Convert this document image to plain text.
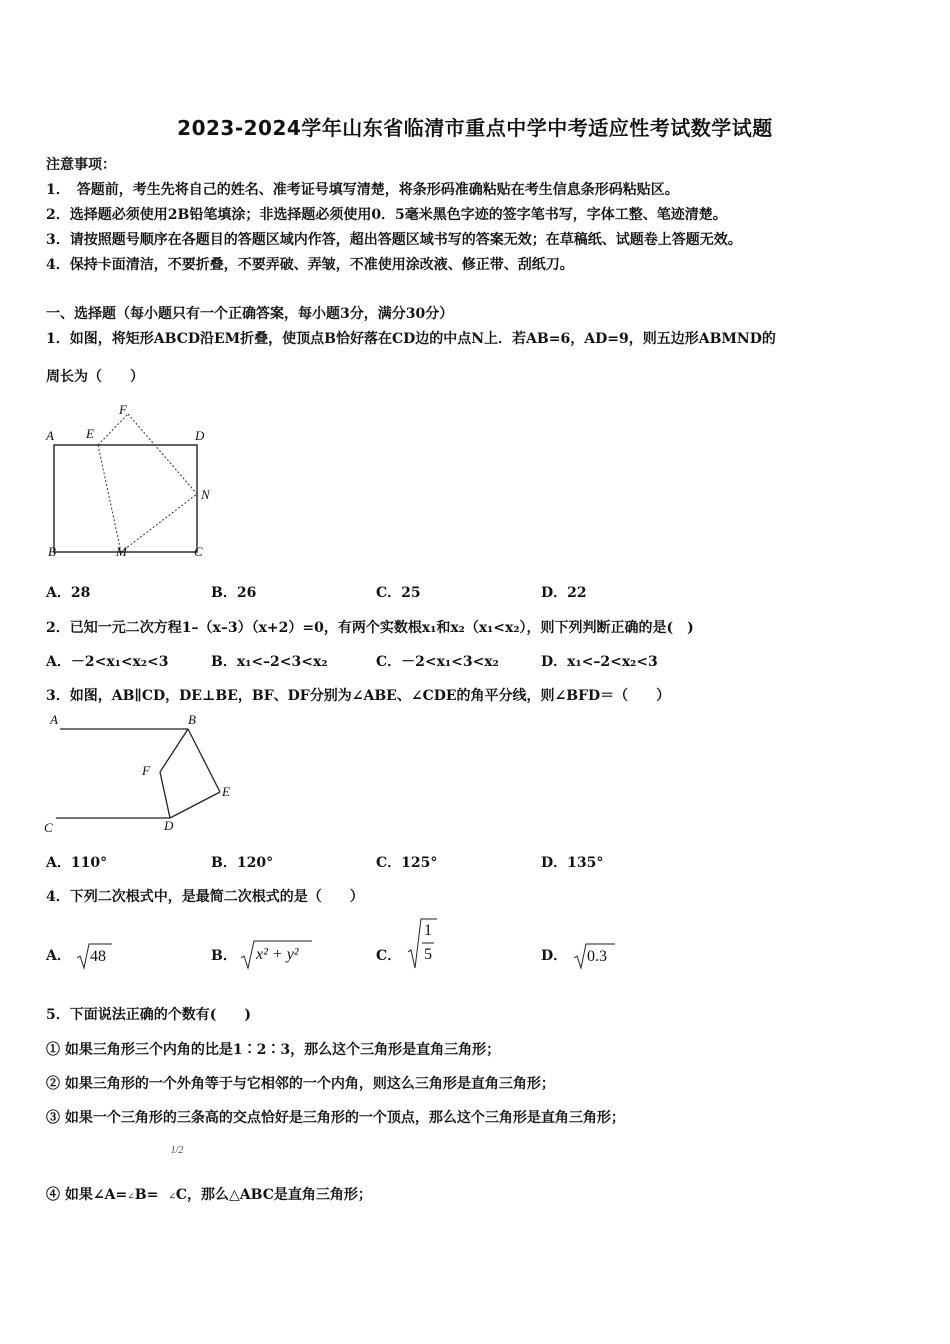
2023-2024学年山东省临清市重点中学中考适应性考试数学试题
注意事项：
1．　答题前，考生先将自己的姓名、准考证号填写清楚，将条形码准确粘贴在考生信息条形码粘贴区。
2．选择题必须使用2B铅笔填涂；非选择题必须使用0．5毫米黑色字迹的签字笔书写，字体工整、笔迹清楚。
3．请按照题号顺序在各题目的答题区域内作答，超出答题区域书写的答案无效；在草稿纸、试题卷上答题无效。
4．保持卡面清洁，不要折叠，不要弄破、弄皱，不准使用涂改液、修正带、刮纸刀。
一、选择题（每小题只有一个正确答案，每小题3分，满分30分）
1．如图，将矩形ABCD沿EM折叠，使顶点B恰好落在CD边的中点N上．若AB=6，AD=9，则五边形ABMND的
周长为（　　）
A E
F
D
N
B	M	C
A．28	B．26	C．25	D．22
2．已知一元二次方程1–（x–3）（x+2）=0，有两个实数根x₁和x₂（x₁<x₂），则下列判断正确的是(　)
A．－2<x₁<x₂<3	B．x₁<–2<3<x₂	C．－2<x₁<3<x₂	D．x₁<–2<x₂<3
3．如图，AB∥CD，DE⊥BE，BF、DF分别为∠ABE、∠CDE的角平分线，则∠BFD＝（　　）
A	B
F
E
C	D
A．110°	B．120°	C．125°	D．135°
4．下列二次根式中，是最简二次根式的是（　　）
A． 48	B． x² + y²	C．
1
5	D． 0.3
5．下面说法正确的个数有(　　)
① 如果三角形三个内角的比是1∶2∶3，那么这个三角形是直角三角形；
② 如果三角形的一个外角等于与它相邻的一个内角，则这么三角形是直角三角形；
③ 如果一个三角形的三条高的交点恰好是三角形的一个顶点，那么这个三角形是直角三角形；
1/2
④ 如果∠A=∠B= ∠C，那么△ABC是直角三角形；
